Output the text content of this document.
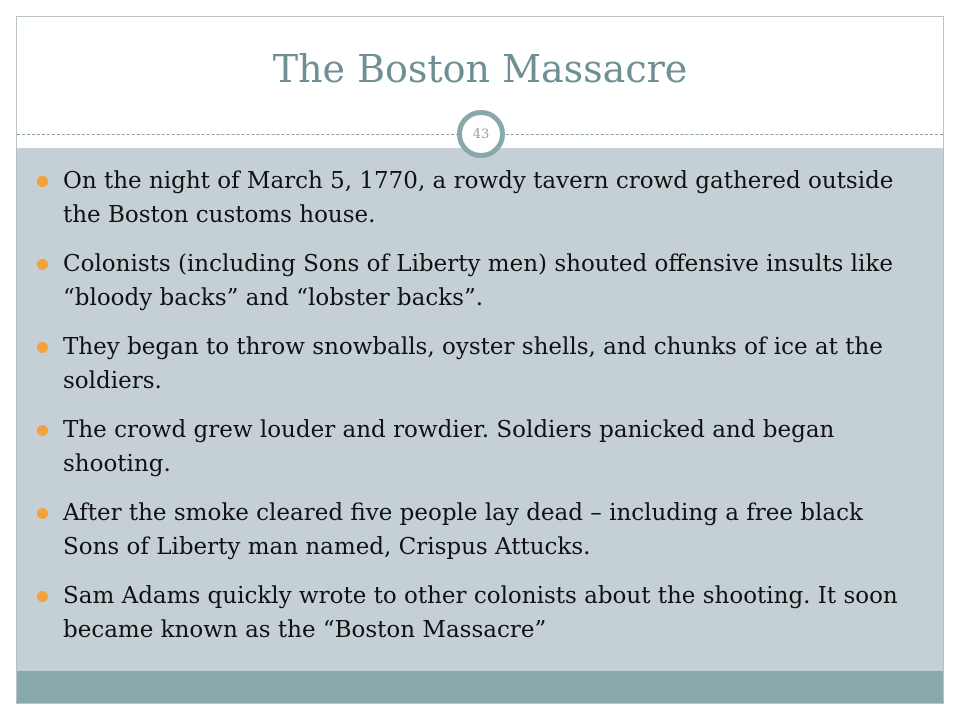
The Boston Massacre
43
On the night of March 5, 1770, a rowdy tavern crowd gathered outside the Boston customs house.
Colonists (including Sons of Liberty men) shouted offensive insults like “bloody backs” and “lobster backs”.
They began to throw snowballs, oyster shells, and chunks of ice at the soldiers.
The crowd grew louder and rowdier. Soldiers panicked and began shooting.
After the smoke cleared five people lay dead – including a free black Sons of Liberty man named, Crispus Attucks.
Sam Adams quickly wrote to other colonists about the shooting. It soon became known as the “Boston Massacre”
